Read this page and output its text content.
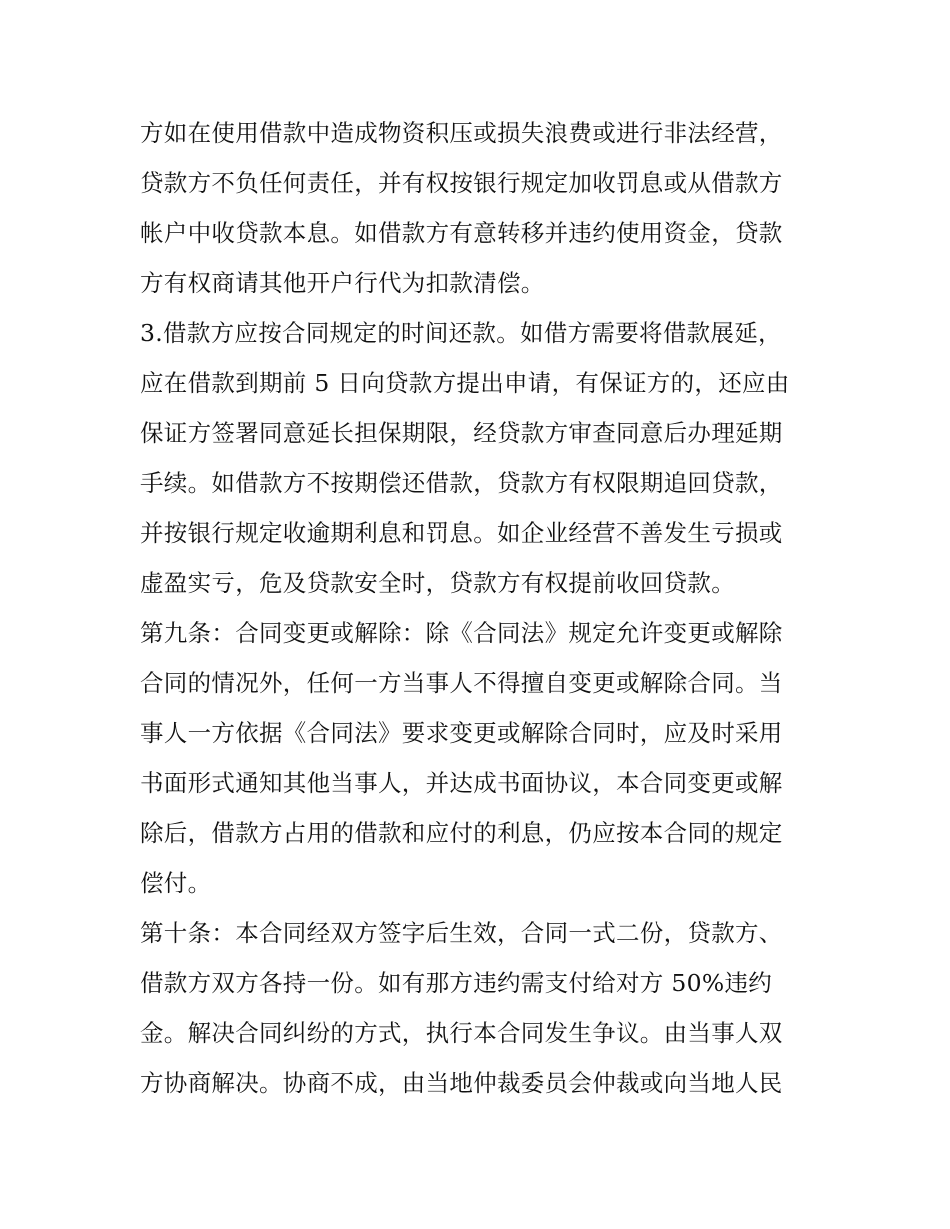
方如在使用借款中造成物资积压或损失浪费或进行非法经营，
贷款方不负任何责任，并有权按银行规定加收罚息或从借款方
帐户中收贷款本息。如借款方有意转移并违约使用资金，贷款
方有权商请其他开户行代为扣款清偿。
3.借款方应按合同规定的时间还款。如借方需要将借款展延，
应在借款到期前 5 日向贷款方提出申请，有保证方的，还应由
保证方签署同意延长担保期限，经贷款方审查同意后办理延期
手续。如借款方不按期偿还借款，贷款方有权限期追回贷款，
并按银行规定收逾期利息和罚息。如企业经营不善发生亏损或
虚盈实亏，危及贷款安全时，贷款方有权提前收回贷款。
第九条：合同变更或解除：除《合同法》规定允许变更或解除
合同的情况外，任何一方当事人不得擅自变更或解除合同。当
事人一方依据《合同法》要求变更或解除合同时，应及时采用
书面形式通知其他当事人，并达成书面协议，本合同变更或解
除后，借款方占用的借款和应付的利息，仍应按本合同的规定
偿付。
第十条：本合同经双方签字后生效，合同一式二份，贷款方、
借款方双方各持一份。如有那方违约需支付给对方 50%违约
金。解决合同纠纷的方式，执行本合同发生争议。由当事人双
方协商解决。协商不成，由当地仲裁委员会仲裁或向当地人民
